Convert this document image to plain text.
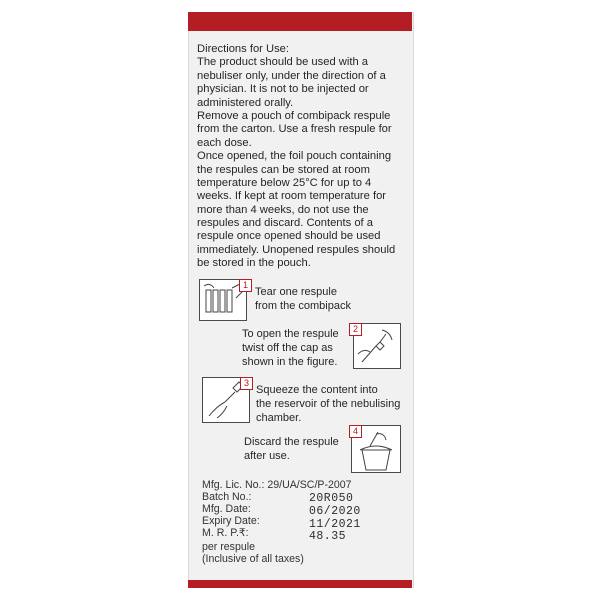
Directions for Use:
The product should be used with a
nebuliser only, under the direction of a
physician. It is not to be injected or
administered orally.
Remove a pouch of combipack respule
from the carton. Use a fresh respule for
each dose.
Once opened, the foil pouch containing
the respules can be stored at room
temperature below 25°C for up to 4
weeks. If kept at room temperature for
more than 4 weeks, do not use the
respules and discard. Contents of a
respule once opened should be used
immediately. Unopened respules should
be stored in the pouch.
1
Tear one respule
from the combipack
To open the respule
twist off the cap as
shown in the figure.
2
3
Squeeze the content into
the reservoir of the nebulising
chamber.
Discard the respule
after use.
4
Mfg. Lic. No.: 29/UA/SC/P-2007
Batch No.:
Mfg. Date:
Expiry Date:
M. R. P.₹:
per respule
(Inclusive of all taxes)
20R050
06/2020
11/2021
48.35
